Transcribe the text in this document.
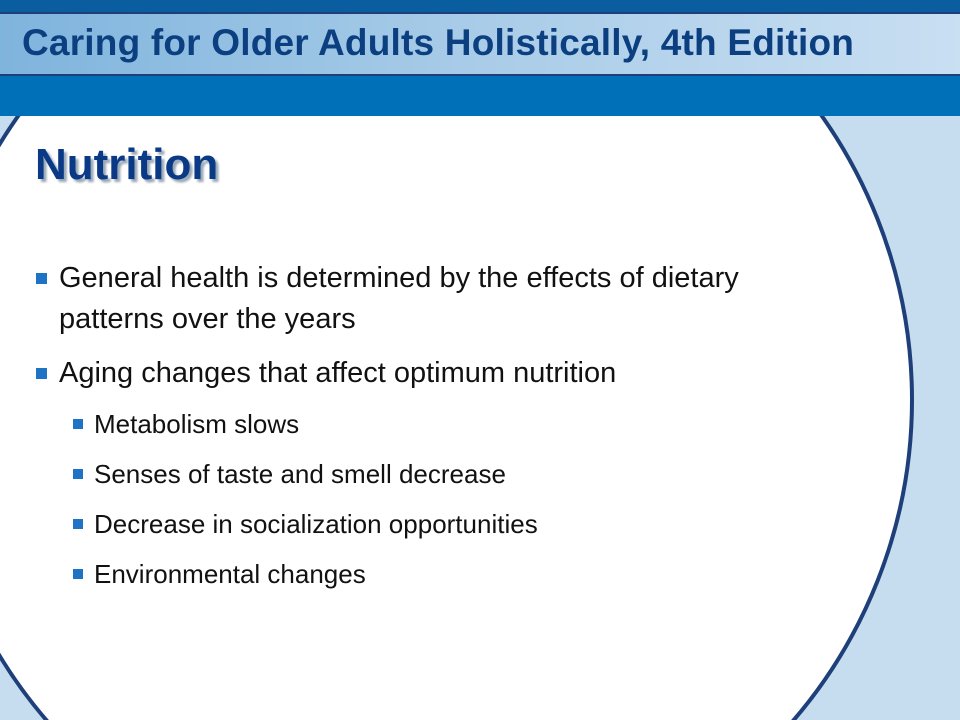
Caring for Older Adults Holistically, 4th Edition
Nutrition
General health is determined by the effects of dietary patterns over the years
Aging changes that affect optimum nutrition
Metabolism slows
Senses of taste and smell decrease
Decrease in socialization opportunities
Environmental changes
